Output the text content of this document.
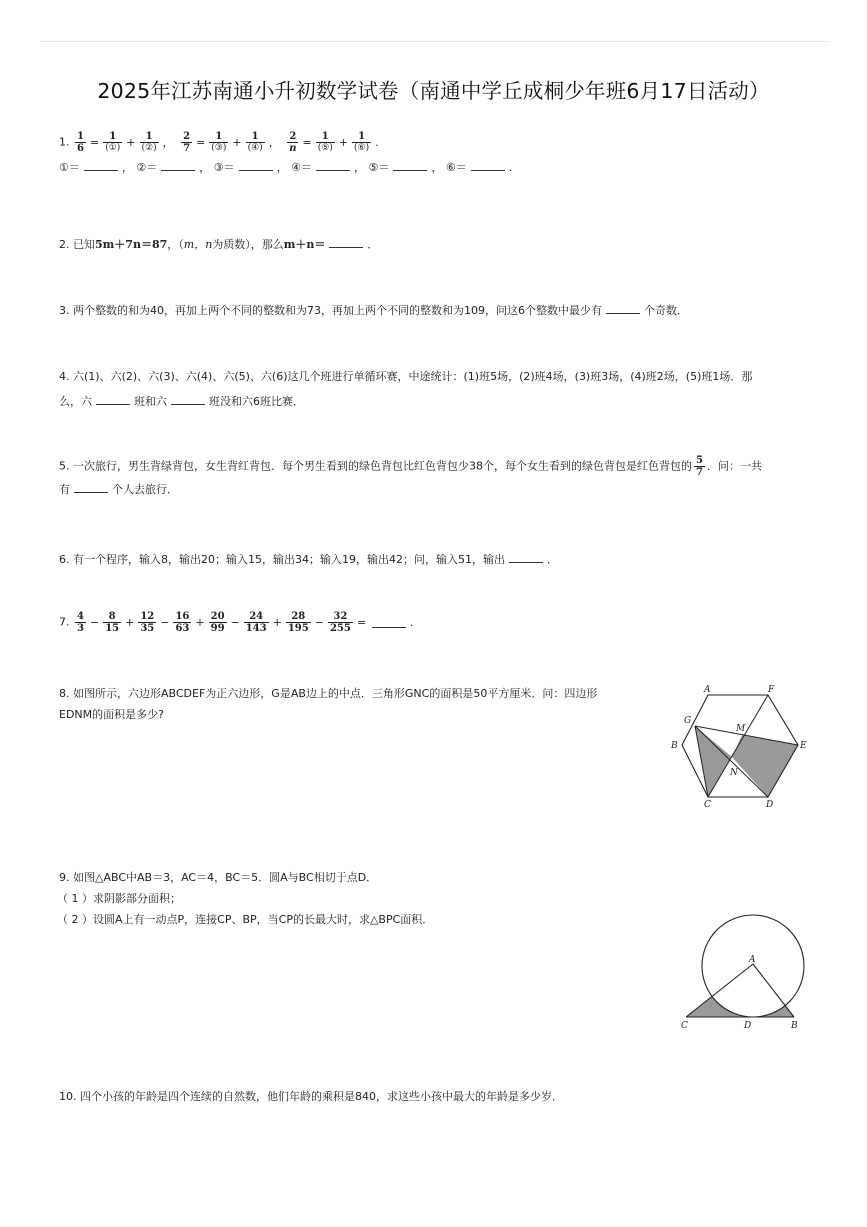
2025年江苏南通小升初数学试卷（南通中学丘成桐少年班6月17日活动）
1. $\frac{1}{6} = \frac{1}{\text{(①)}} + \frac{1}{\text{(②)}}$ ， $\frac{2}{7} = \frac{1}{\text{(③)}} + \frac{1}{\text{(④)}}$ ， $\frac{2}{n} = \frac{1}{\text{(⑤)}} + \frac{1}{\text{(⑥)}}$ .
①＝	， ②＝	， ③＝	， ④＝	， ⑤＝	， ⑥＝	.
2. 已知5m＋7n＝87，（m，n为质数），那么m＋n＝	．
3. 两个整数的和为40，再加上两个不同的整数和为73，再加上两个不同的整数和为109，问这6个整数中最少有	个奇数．
4. 六(1)、六(2)、六(3)、六(4)、六(5)、六(6)这几个班进行单循环赛，中途统计：(1)班5场，(2)班4场，(3)班3场，(4)班2场，(5)班1场．那
么，六	班和六	班没和六6班比赛．
5. 一次旅行，男生背绿背包，女生背红背包．每个男生看到的绿色背包比红色背包少38个，每个女生看到的绿色背包是红色背包的 $\frac{5}{7}$ ．问：一共
有	个人去旅行．
6. 有一个程序，输入8，输出20；输入15，输出34；输入19，输出42；问，输入51，输出	．
7. $\frac{4}{3} - \frac{8}{15} + \frac{12}{35} - \frac{16}{63} + \frac{20}{99} - \frac{24}{143} + \frac{28}{195} - \frac{32}{255}$ =	．
8. 如图所示，六边形ABCDEF为正六边形，G是AB边上的中点．三角形GNC的面积是50平方厘米．问：四边形
EDNM的面积是多少?
A	F
G
M
B	E
N
C	D
9. 如图△ABC中AB＝3，AC＝4，BC＝5．圆A与BC相切于点D．
（ 1 ）求阴影部分面积；
（ 2 ）设圆A上有一动点P，连接CP、BP，当CP的长最大时，求△BPC面积．
A
C	D	B
10. 四个小孩的年龄是四个连续的自然数，他们年龄的乘积是840，求这些小孩中最大的年龄是多少岁．
